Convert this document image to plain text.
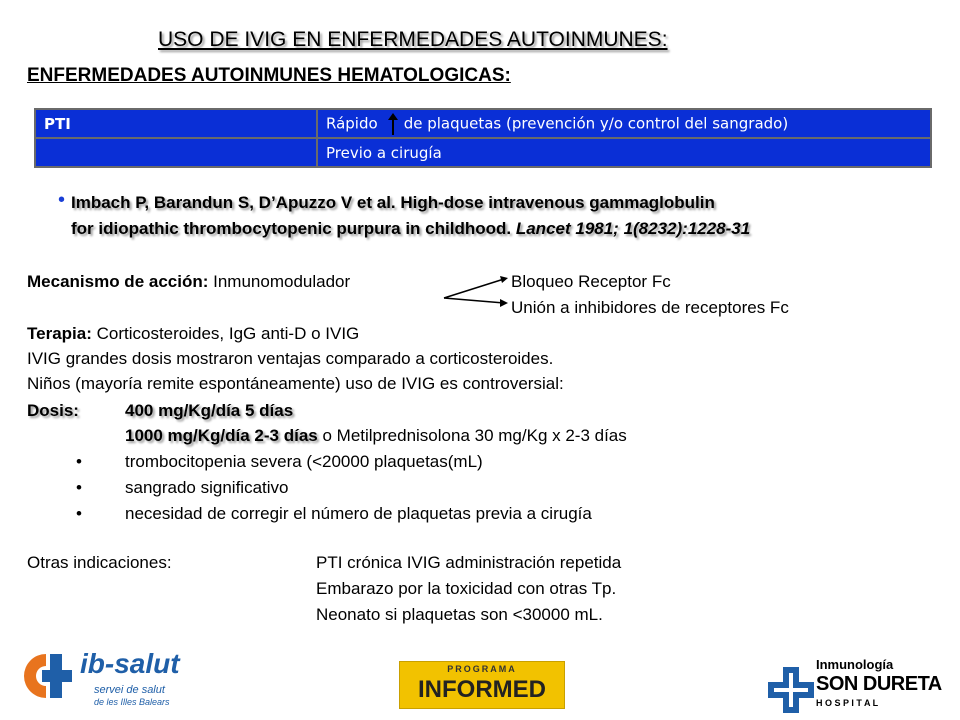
USO DE IVIG EN ENFERMEDADES AUTOINMUNES:
ENFERMEDADES AUTOINMUNES HEMATOLOGICAS:
PTI	Rápido de plaquetas (prevención y/o control del sangrado)
	Previo a cirugía
• Imbach P, Barandun S, D’Apuzzo V et al. High-dose intravenous gammaglobulin
for idiopathic thrombocytopenic purpura in childhood. Lancet 1981; 1(8232):1228-31
Mecanismo de acción: Inmunomodulador	Bloqueo Receptor Fc
Unión a inhibidores de receptores Fc
Terapia: Corticosteroides, IgG anti-D o IVIG
IVIG grandes dosis mostraron ventajas comparado a corticosteroides.
Niños (mayoría remite espontáneamente) uso de IVIG es controversial:
Dosis:	400 mg/Kg/día 5 días
1000 mg/Kg/día 2-3 días o Metilprednisolona 30 mg/Kg x 2-3 días
•	trombocitopenia severa (<20000 plaquetas(mL)
•	sangrado significativo
•	necesidad de corregir el número de plaquetas previa a cirugía
Otras indicaciones:	PTI crónica IVIG administración repetida
Embarazo por la toxicidad con otras Tp.
Neonato si plaquetas son <30000 mL.
ib-salut
servei de salut
de les Illes Balears
PROGRAMA
INFORMED
Inmunología
SON DURETA
H O S P I T A L
